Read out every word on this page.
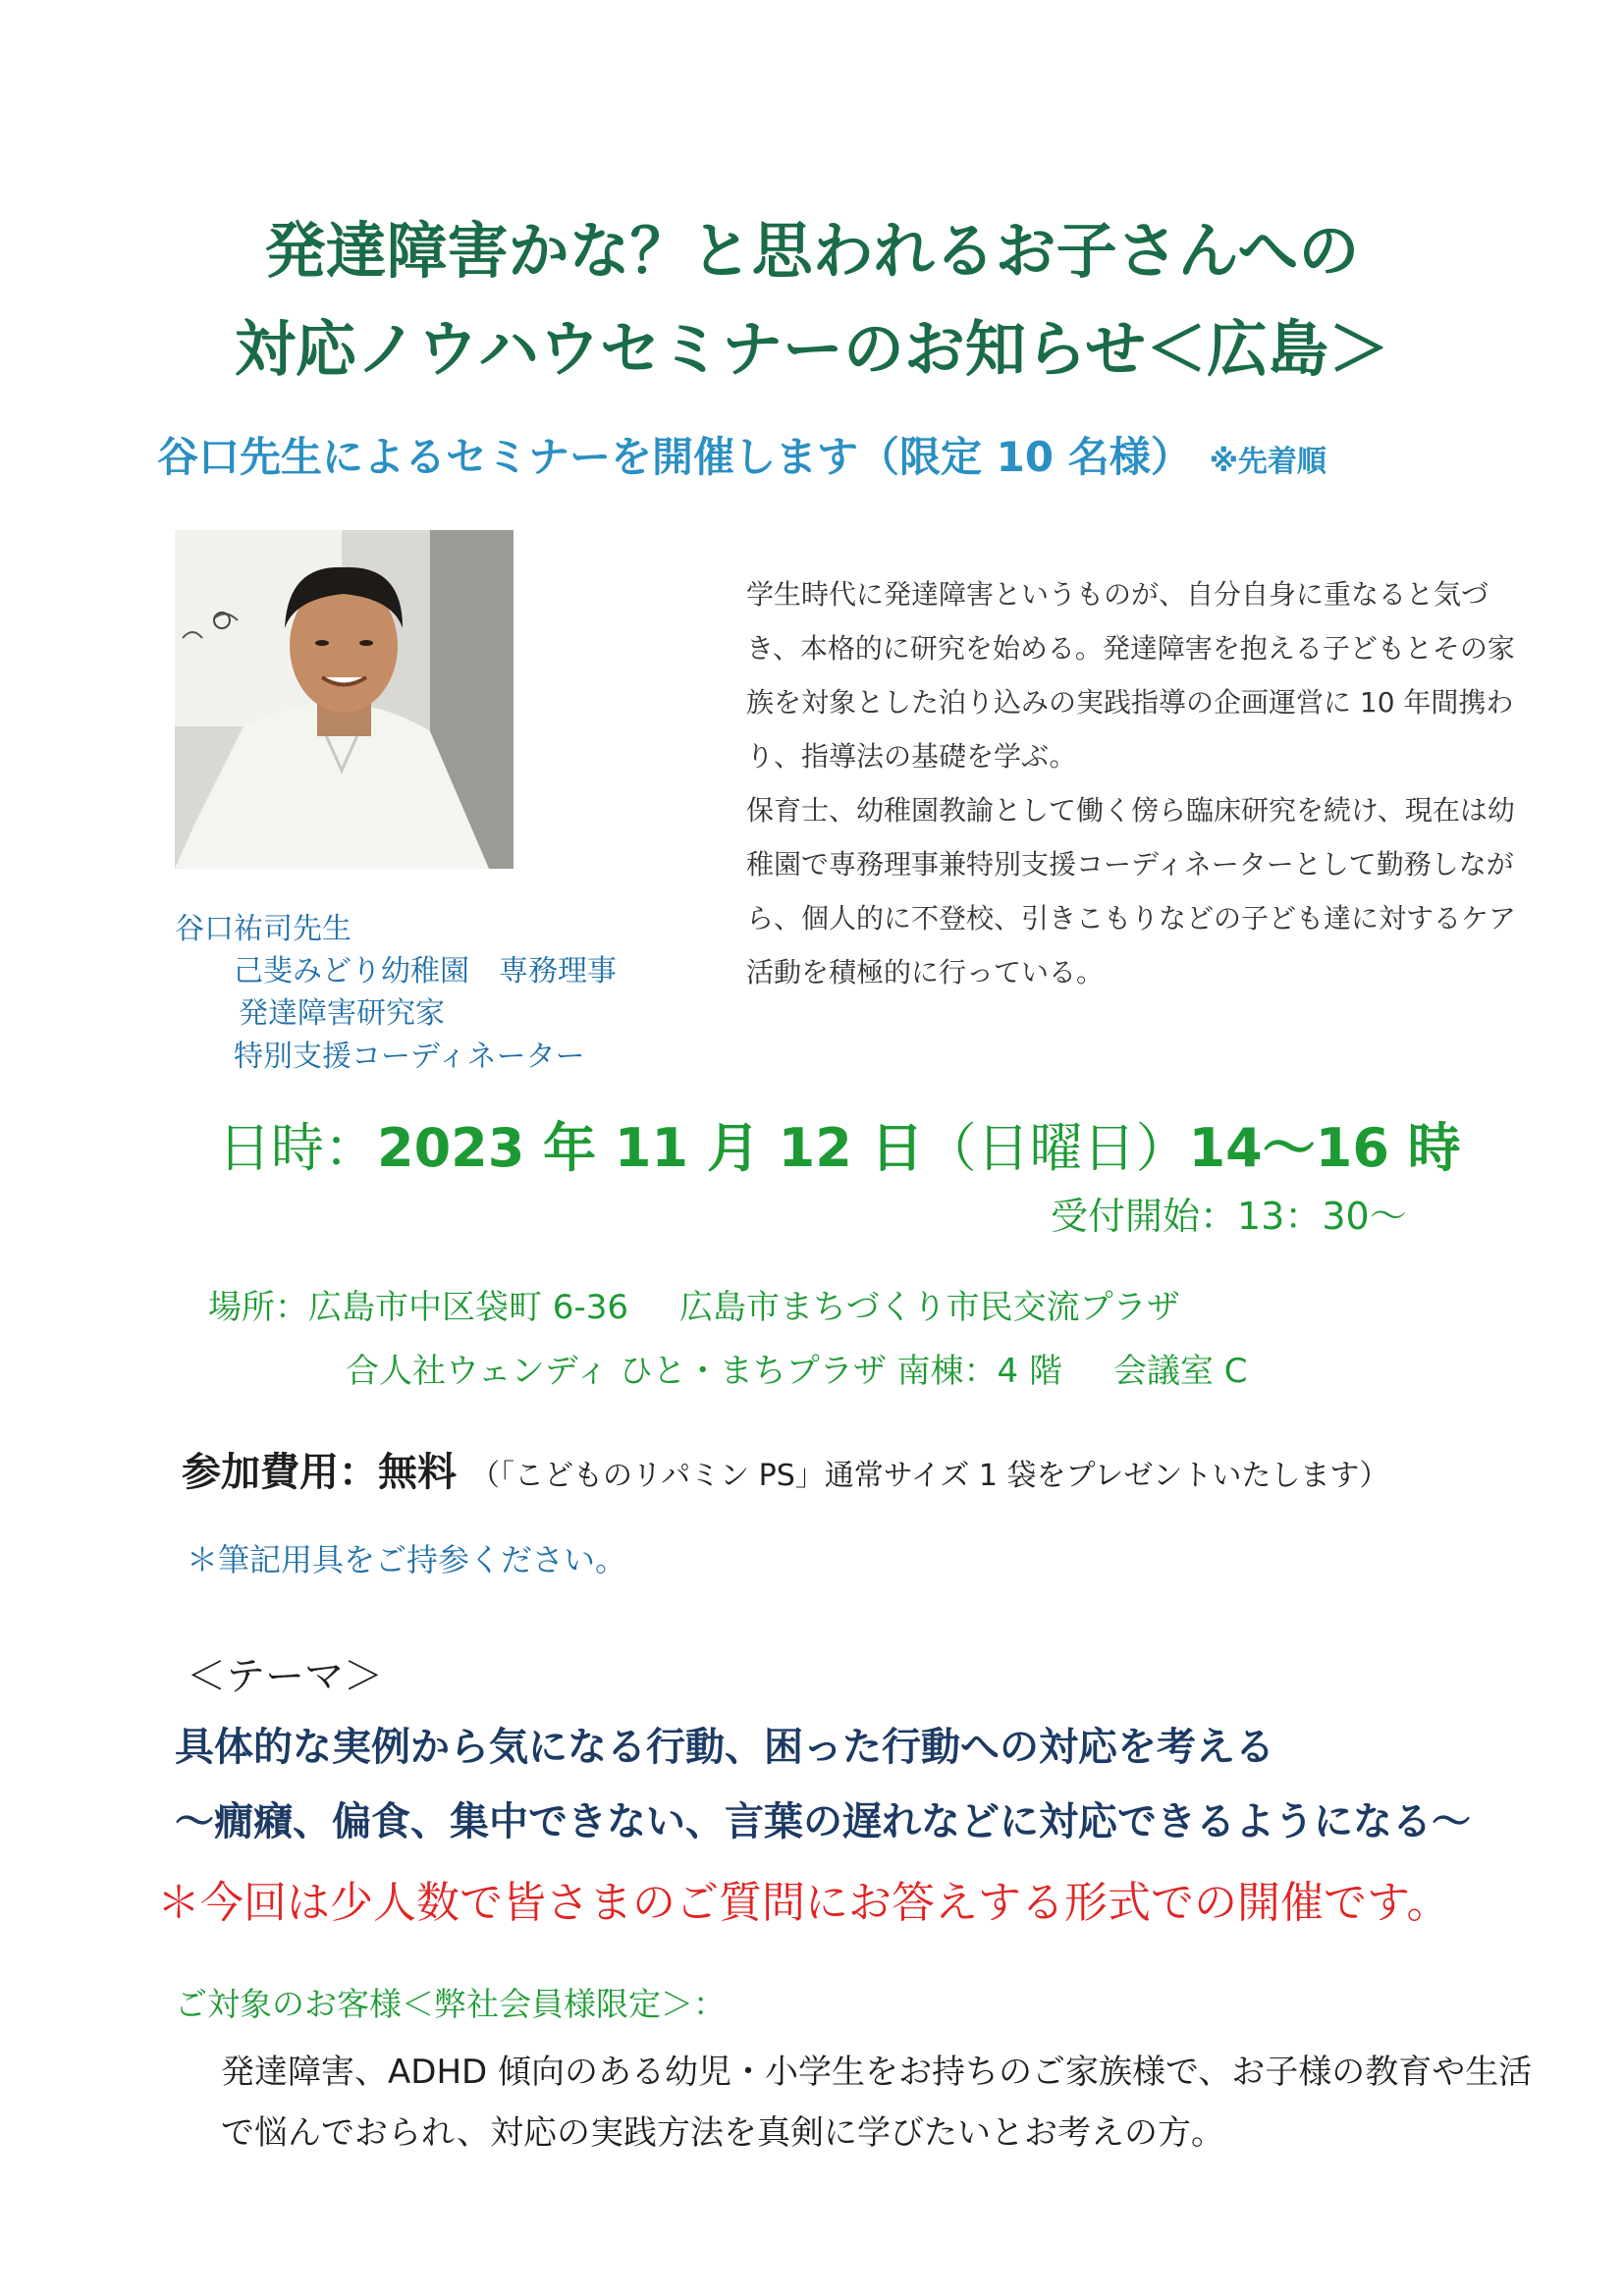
発達障害かな？と思われるお子さんへの
対応ノウハウセミナーのお知らせ＜広島＞
谷口先生によるセミナーを開催します（限定 10 名様） ※先着順
谷口祐司先生
己斐みどり幼稚園　専務理事
発達障害研究家
特別支援コーディネーター

学生時代に発達障害というものが、自分自身に重なると気づき、本格的に研究を始める。発達障害を抱える子どもとその家族を対象とした泊り込みの実践指導の企画運営に 10 年間携わり、指導法の基礎を学ぶ。

保育士、幼稚園教諭として働く傍ら臨床研究を続け、現在は幼稚園で専務理事兼特別支援コーディネーターとして勤務しながら、個人的に不登校、引きこもりなどの子ども達に対するケア活動を積極的に行っている。

日時：2023 年 11 月 12 日（日曜日）14～16 時
受付開始：13：30～
場所：広島市中区袋町 6-36 広島市まちづくり市民交流プラザ
合人社ウェンディ ひと・まちプラザ 南棟：4 階 会議室 C
参加費用：無料 （「こどものリパミン PS」通常サイズ 1 袋をプレゼントいたします）
＊筆記用具をご持参ください。
＜テーマ＞
具体的な実例から気になる行動、困った行動への対応を考える
～癇癪、偏食、集中できない、言葉の遅れなどに対応できるようになる～
＊今回は少人数で皆さまのご質問にお答えする形式での開催です。
ご対象のお客様＜弊社会員様限定＞：

発達障害、ADHD 傾向のある幼児・小学生をお持ちのご家族様で、お子様の教育や生活で悩んでおられ、対応の実践方法を真剣に学びたいとお考えの方。
